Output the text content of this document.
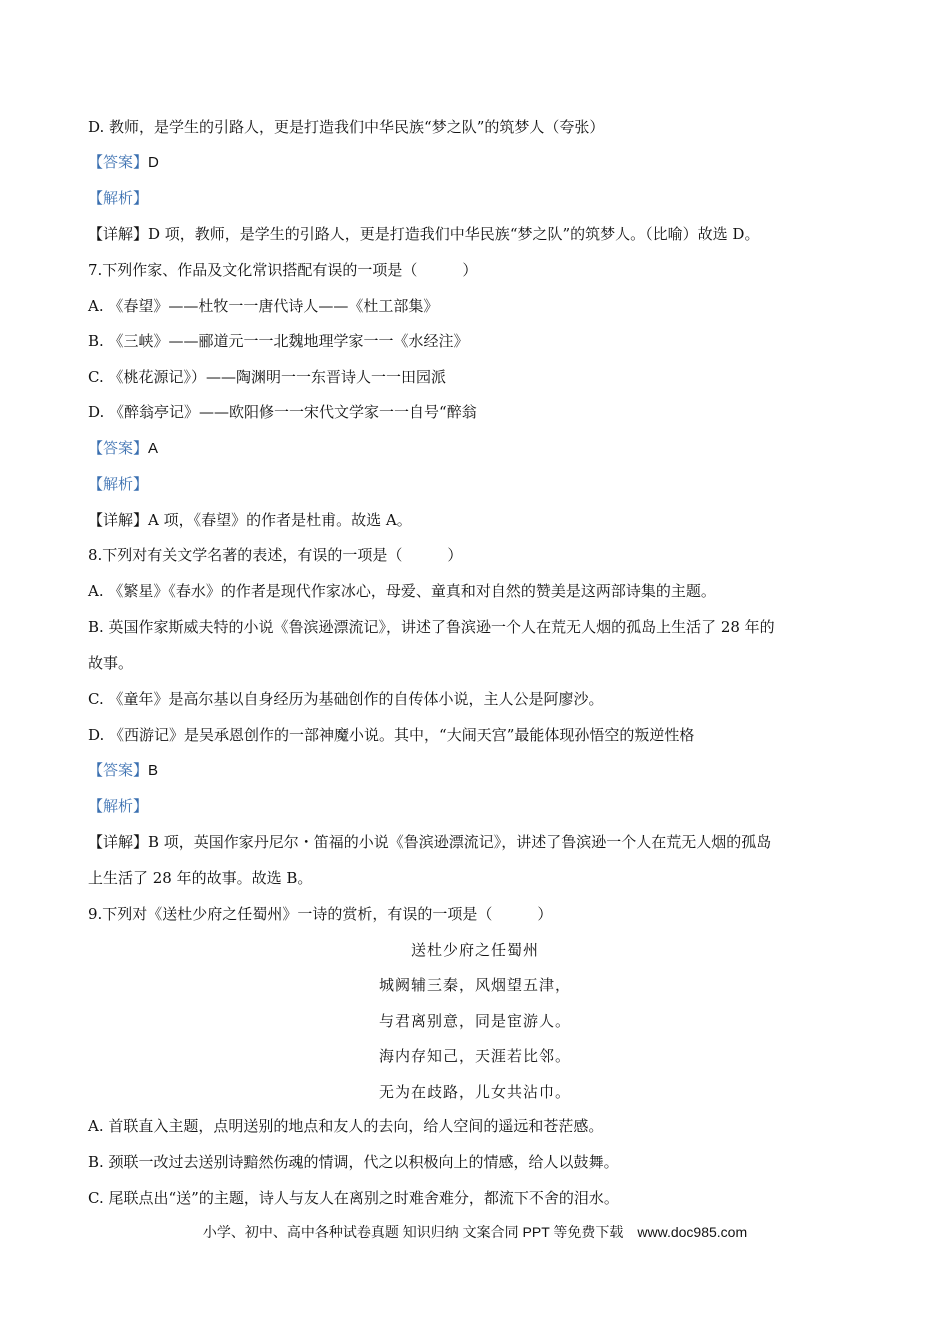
D. 教师，是学生的引路人，更是打造我们中华民族“梦之队”的筑梦人（夸张）
【答案】D
【解析】
【详解】D 项，教师，是学生的引路人，更是打造我们中华民族“梦之队”的筑梦人。（比喻）故选 D。
7.下列作家、作品及文化常识搭配有误的一项是（　　　）
A. 《春望》——杜牧一一唐代诗人——《杜工部集》
B. 《三峡》——郦道元一一北魏地理学家一一《水经注》
C. 《桃花源记》）——陶渊明一一东晋诗人一一田园派
D. 《醉翁亭记》——欧阳修一一宋代文学家一一自号“醉翁
【答案】A
【解析】
【详解】A 项，《春望》的作者是杜甫。故选 A。
8.下列对有关文学名著的表述，有误的一项是（　　　）
A. 《繁星》《春水》的作者是现代作家冰心，母爱、童真和对自然的赞美是这两部诗集的主题。
B. 英国作家斯威夫特的小说《鲁滨逊漂流记》，讲述了鲁滨逊一个人在荒无人烟的孤岛上生活了 28 年的
故事。
C. 《童年》是高尔基以自身经历为基础创作的自传体小说，主人公是阿廖沙。
D. 《西游记》是吴承恩创作的一部神魔小说。其中，“大闹天宫”最能体现孙悟空的叛逆性格
【答案】B
【解析】
【详解】B 项，英国作家丹尼尔・笛福的小说《鲁滨逊漂流记》，讲述了鲁滨逊一个人在荒无人烟的孤岛
上生活了 28 年的故事。故选 B。
9.下列对《送杜少府之任蜀州》一诗的赏析，有误的一项是（　　　）
送杜少府之任蜀州
城阙辅三秦，风烟望五津，
与君离别意，同是宦游人。
海内存知己，天涯若比邻。
无为在歧路，儿女共沾巾。
A. 首联直入主题，点明送别的地点和友人的去向，给人空间的遥远和苍茫感。
B. 颈联一改过去送别诗黯然伤魂的情调，代之以积极向上的情感，给人以鼓舞。
C. 尾联点出“送”的主题，诗人与友人在离别之时难舍难分，都流下不舍的泪水。
小学、初中、高中各种试卷真题 知识归纳 文案合同 PPT 等免费下载　www.doc985.com
